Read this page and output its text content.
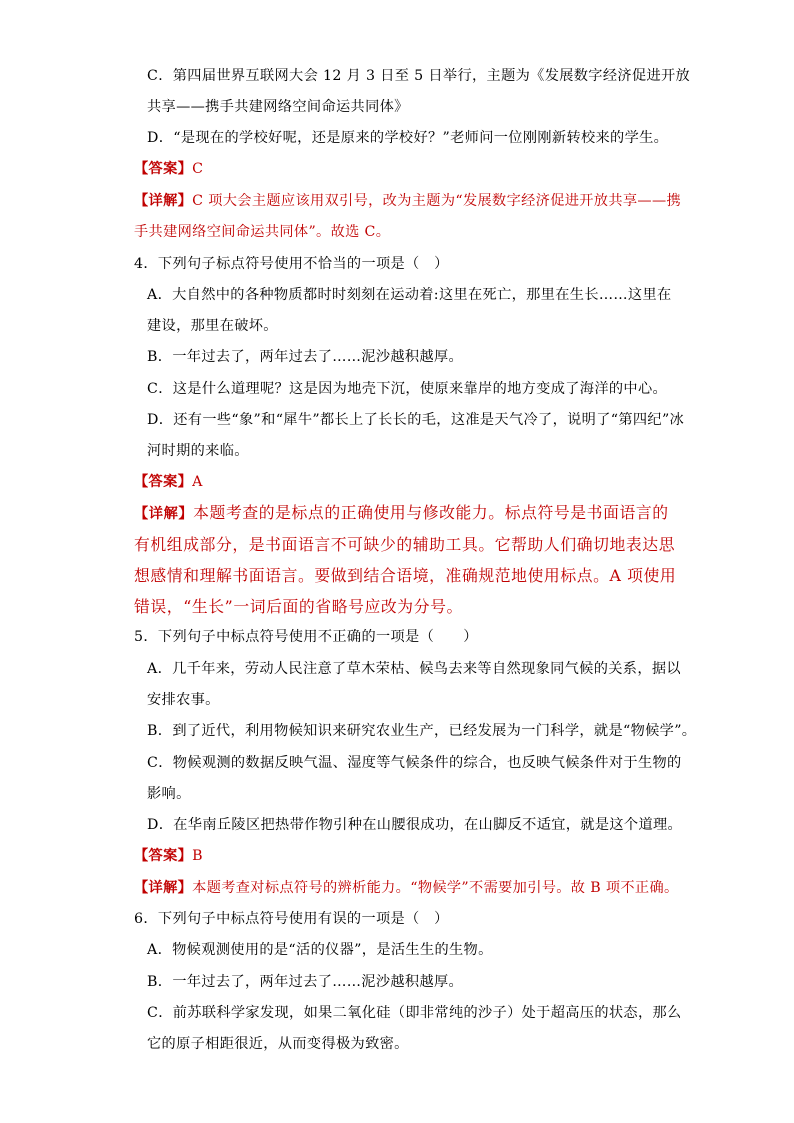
C．第四届世界互联网大会 12 月 3 日至 5 日举行，主题为《发展数字经济促进开放
共享——携手共建网络空间命运共同体》
D．“是现在的学校好呢，还是原来的学校好？”老师问一位刚刚新转校来的学生。
【答案】C
【详解】C 项大会主题应该用双引号，改为主题为“发展数字经济促进开放共享——携
手共建网络空间命运共同体”。故选 C。
4．下列句子标点符号使用不恰当的一项是（　）
A．大自然中的各种物质都时时刻刻在运动着:这里在死亡，那里在生长……这里在
建设，那里在破坏。
B．一年过去了，两年过去了……泥沙越积越厚。
C．这是什么道理呢？这是因为地壳下沉，使原来靠岸的地方变成了海洋的中心。
D．还有一些“象”和“犀牛”都长上了长长的毛，这准是天气冷了，说明了“第四纪”冰
河时期的来临。
【答案】A
【详解】本题考查的是标点的正确使用与修改能力。标点符号是书面语言的
有机组成部分，是书面语言不可缺少的辅助工具。它帮助人们确切地表达思
想感情和理解书面语言。要做到结合语境，准确规范地使用标点。A 项使用
错误，“生长”一词后面的省略号应改为分号。
5．下列句子中标点符号使用不正确的一项是（　　）
A．几千年来，劳动人民注意了草木荣枯、候鸟去来等自然现象同气候的关系，据以
安排农事。
B．到了近代，利用物候知识来研究农业生产，已经发展为一门科学，就是“物候学”。
C．物候观测的数据反映气温、湿度等气候条件的综合，也反映气候条件对于生物的
影响。
D．在华南丘陵区把热带作物引种在山腰很成功，在山脚反不适宜，就是这个道理。
【答案】B
【详解】本题考查对标点符号的辨析能力。“物候学”不需要加引号。故 B 项不正确。
6．下列句子中标点符号使用有误的一项是（　）
A．物候观测使用的是“活的仪器”，是活生生的生物。
B．一年过去了，两年过去了……泥沙越积越厚。
C．前苏联科学家发现，如果二氧化硅（即非常纯的沙子）处于超高压的状态，那么
它的原子相距很近，从而变得极为致密。
